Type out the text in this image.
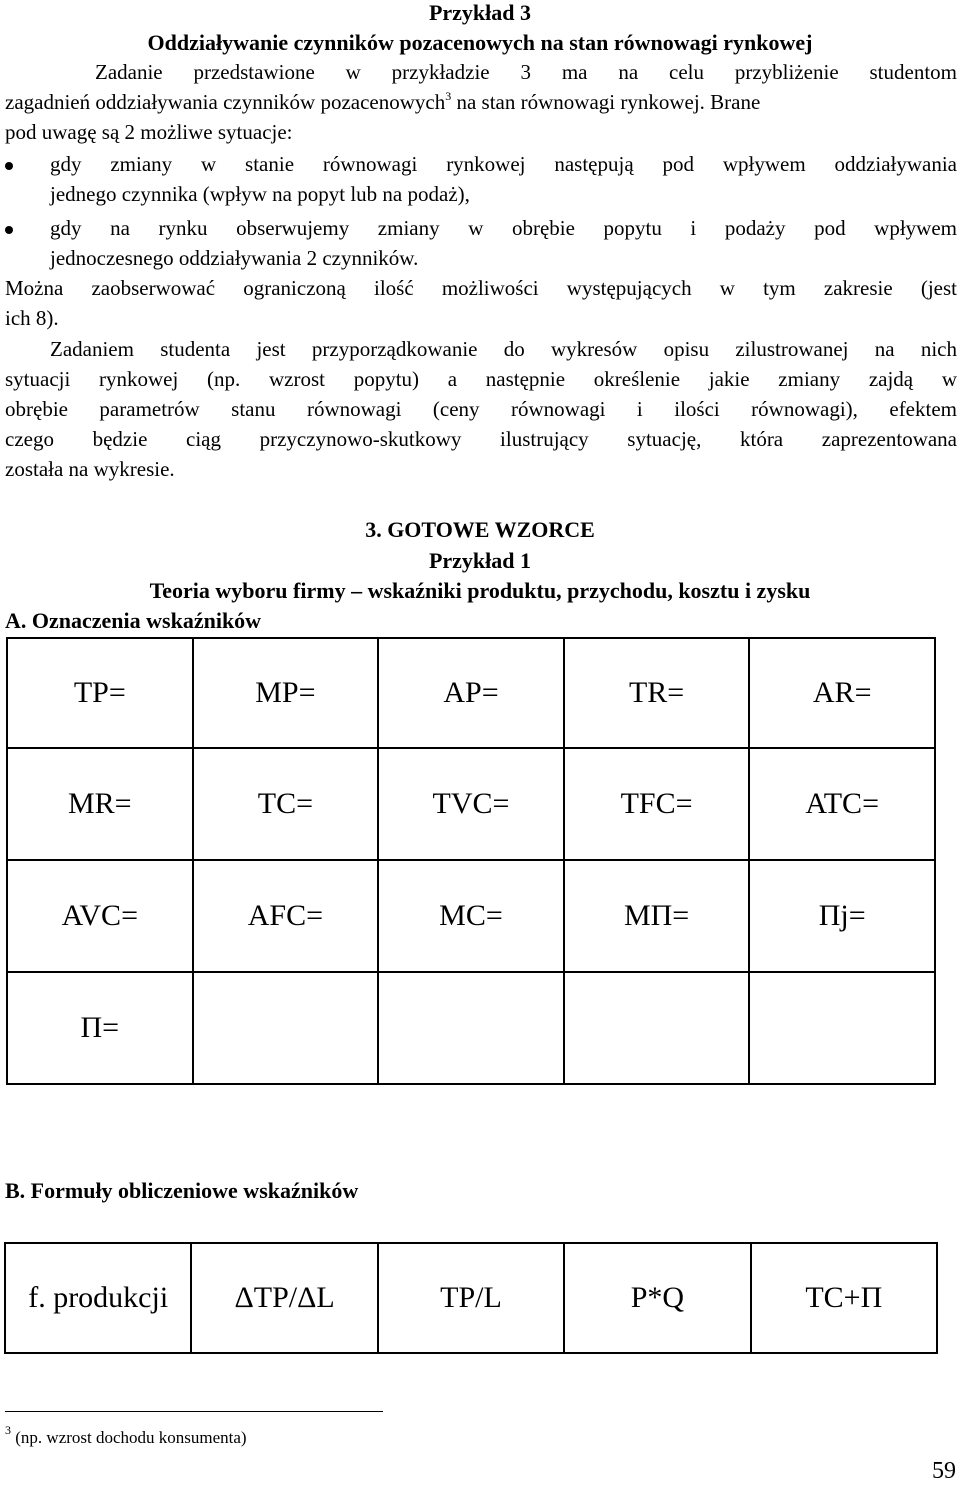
Przykład 3
Oddziaływanie czynników pozacenowych na stan równowagi rynkowej
Zadanie przedstawione w przykładzie 3 ma na celu przybliżenie studentom
zagadnień oddziaływania czynników pozacenowych$^3$ na stan równowagi rynkowej. Brane
pod uwagę są 2 możliwe sytuacje:
gdy zmiany w stanie równowagi rynkowej następują pod wpływem oddziaływania
jednego czynnika (wpływ na popyt lub na podaż),
gdy na rynku obserwujemy zmiany w obrębie popytu i podaży pod wpływem
jednoczesnego oddziaływania 2 czynników.
Można zaobserwować ograniczoną ilość możliwości występujących w tym zakresie (jest
ich 8).
Zadaniem studenta jest przyporządkowanie do wykresów opisu zilustrowanej na nich
sytuacji rynkowej (np. wzrost popytu) a następnie określenie jakie zmiany zajdą w
obrębie parametrów stanu równowagi (ceny równowagi i ilości równowagi), efektem
czego będzie ciąg przyczynowo-skutkowy ilustrujący sytuację, która zaprezentowana
została na wykresie.
3. GOTOWE WZORCE
Przykład 1
Teoria wyboru firmy – wskaźniki produktu, przychodu, kosztu i zysku
A. Oznaczenia wskaźników
TP=	MP=	AP=	TR=	AR=
MR=	TC=	TVC=	TFC=	ATC=
AVC=	AFC=	MC=	MΠ=	Πj=
Π=				
B. Formuły obliczeniowe wskaźników
f. produkcji	ΔTP/ΔL	TP/L	P*Q	TC+Π
$^3$ (np. wzrost dochodu konsumenta)
59
